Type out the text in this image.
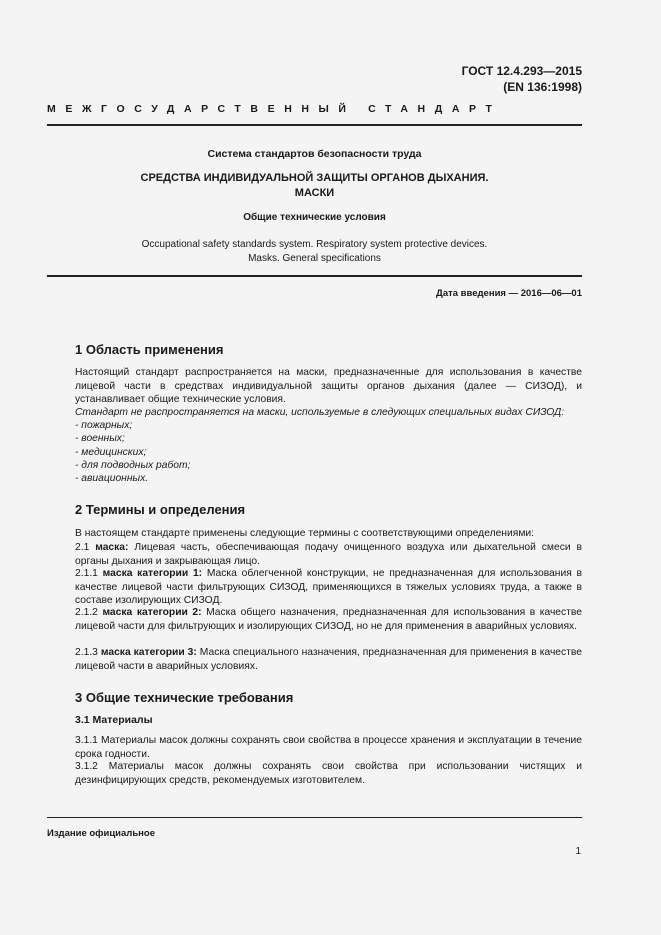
ГОСТ 12.4.293—2015
(EN 136:1998)
МЕЖГОСУДАРСТВЕННЫЙ СТАНДАРТ
Система стандартов безопасности труда
СРЕДСТВА ИНДИВИДУАЛЬНОЙ ЗАЩИТЫ ОРГАНОВ ДЫХАНИЯ.
МАСКИ
Общие технические условия
Occupational safety standards system. Respiratory system protective devices.
Masks. General specifications
Дата введения — 2016—06—01
1 Область применения

Настоящий стандарт распространяется на маски, предназначенные для использования в качестве лицевой части в средствах индивидуальной защиты органов дыхания (далее — СИЗОД), и устанавливает общие технические условия.

Стандарт не распространяется на маски, используемые в следующих специальных видах СИЗОД:
- пожарных;
- военных;
- медицинских;
- для подводных работ;
- авиационных.
2 Термины и определения
В настоящем стандарте применены следующие термины с соответствующими определениями:
2.1 маска: Лицевая часть, обеспечивающая подачу очищенного воздуха или дыхательной смеси в органы дыхания и закрывающая лицо.
2.1.1 маска категории 1: Маска облегченной конструкции, не предназначенная для использования в качестве лицевой части фильтрующих СИЗОД, применяющихся в тяжелых условиях труда, а также в составе изолирующих СИЗОД.
2.1.2 маска категории 2: Маска общего назначения, предназначенная для использования в качестве лицевой части для фильтрующих и изолирующих СИЗОД, но не для применения в аварийных условиях.
2.1.3 маска категории 3: Маска специального назначения, предназначенная для применения в качестве лицевой части в аварийных условиях.
3 Общие технические требования
3.1 Материалы
3.1.1 Материалы масок должны сохранять свои свойства в процессе хранения и эксплуатации в течение срока годности.
3.1.2 Материалы масок должны сохранять свои свойства при использовании чистящих и дезинфицирующих средств, рекомендуемых изготовителем.
Издание официальное
1
